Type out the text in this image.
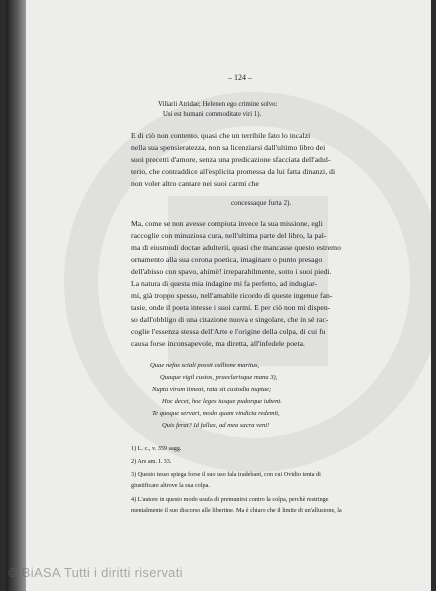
– 124 –
Viliarii Atridae; Helenen ego crimine solvo:
Usi est humani commoditate viri 1).
E di ciò non contento, quasi che un terribile fato lo incalzi
nella sua spensieratezza, non sa licenziarsi dall'ultimo libro dei
suoi precetti d'amore, senza una predicazione sfacciata dell'adul-
terio, che contraddice all'esplicita promessa da lui fatta dinanzi, di
non voler altro cantare nei suoi carmi che
concessaque furta 2).
Ma, come se non avesse compiuta invece la sua missione, egli
raccoglie con minuziosa cura, nell'ultima parte del libro, la pal-
ma di eiusmodi doctae adulterii, quasi che mancasse questo estremo
ornamento alla sua corona poetica, imaginare o punto presago
dell'abisso con spavo, ahimè! irreparabilmente, sotto i suoi piedi.
La natura di questa mia indagine mi fa perfetto, ad indugiar-
mi, già troppo spesso, nell'amabile ricordo di queste ingenue fan-
tasie, onde il poeta intesse i suoi carmi. E per ciò non mi dispen-
so dall'obbligo di una citazione nuova e singolare, che in sé rac-
coglie l'essenza stessa dell'Arte e l'origine della colpa, di cui fu
causa forse inconsapevole, ma diretta, all'infedele poeta.
Quae nefas sciali possit callione maritus,
Quaque vigil custos, praeclarisque manu 3),
Nupta virum timeat, rata sit custodia nuptae;
Hoc decet, hoc leges iusque pudorque iubent.
Te quoque servari, modo quam vindicta redemit,
Quis ferat? Id fallax, ad mea sacra veni!
1) L. c., v. 359 sagg.
2) Ars am. I. 33.
3) Questo tesso spiega forse il suo uso fala tradebant, con cui Ovidio tenta di
giustificare altrove la sua colpa.
4) L'autore in questo modo usufa di premunirsi contro la colpa, perchè restringe
mentalmente il suo discorso alle libertine. Ma è chiaro che il limite di un'allusione, la
© BiASA Tutti i diritti riservati
